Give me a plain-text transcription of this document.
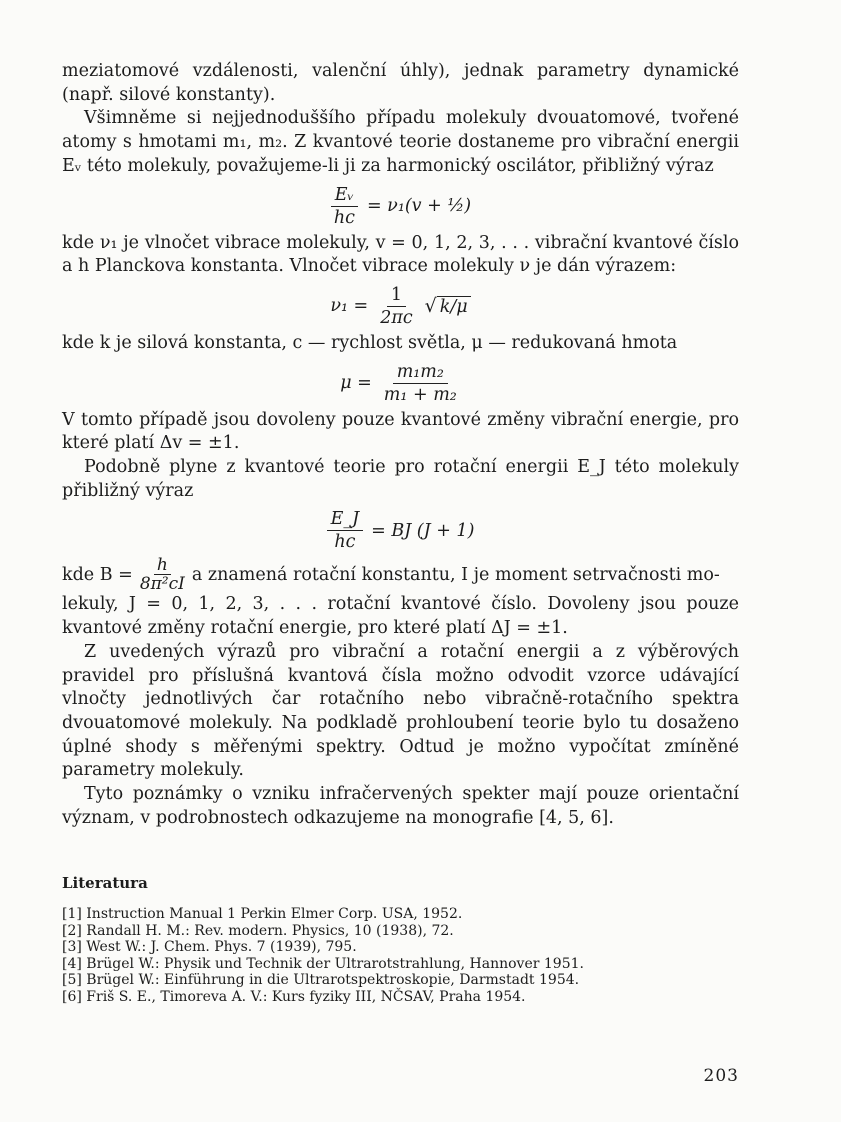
meziatomové vzdálenosti, valenční úhly), jednak parametry dynamické (např. silové konstanty).

Všimněme si nejjednoduššího případu molekuly dvouatomové, tvořené atomy s hmotami m₁, m₂. Z kvantové teorie dostaneme pro vibrační energii Eᵥ této molekuly, považujeme-li ji za harmonický oscilátor, přibližný výraz

$\frac{\text{Eᵥ}}{hc} = \nu_1(v$ + ½)

kde ν₁ je vlnočet vibrace molekuly, v = 0, 1, 2, 3, . . . vibrační kvantové číslo a h Planckova konstanta. Vlnočet vibrace molekuly ν je dán výrazem:

$\nu_1 = \frac{1}{2\pi c}$ √ k/μ

kde k je silová konstanta, c — rychlost světla, μ — redukovaná hmota

$\mu = \frac{\text{m₁m₂}}{\text{m₁ + m₂}}$

V tomto případě jsou dovoleny pouze kvantové změny vibrační energie, pro které platí Δv = ±1.

Podobně plyne z kvantové teorie pro rotační energii E_J této molekuly přibližný výraz

$\frac{E\_J}{hc}$ = BJ (J + 1)
kde $B = \frac{h}{\text{8π²cI}}$ a znamená rotační konstantu, I je moment setrvačnosti mo-

lekuly, J = 0, 1, 2, 3, . . . rotační kvantové číslo. Dovoleny jsou pouze kvantové změny rotační energie, pro které platí ΔJ = ±1.

Z uvedených výrazů pro vibrační a rotační energii a z výběrových pravidel pro příslušná kvantová čísla možno odvodit vzorce udávající vlnočty jednotlivých čar rotačního nebo vibračně-rotačního spektra dvouatomové molekuly. Na podkladě prohloubení teorie bylo tu dosaženo úplné shody s měřenými spektry. Odtud je možno vypočítat zmíněné parametry molekuly.

Tyto poznámky o vzniku infračervených spekter mají pouze orientační význam, v podrobnostech odkazujeme na monografie [4, 5, 6].

Literatura

[1] Instruction Manual 1 Perkin Elmer Corp. USA, 1952.
[2] Randall H. M.: Rev. modern. Physics, 10 (1938), 72.
[3] West W.: J. Chem. Phys. 7 (1939), 795.
[4] Brügel W.: Physik und Technik der Ultrarotstrahlung, Hannover 1951.
[5] Brügel W.: Einführung in die Ultrarotspektroskopie, Darmstadt 1954.
[6] Friš S. E., Timoreva A. V.: Kurs fyziky III, NČSAV, Praha 1954.
203
